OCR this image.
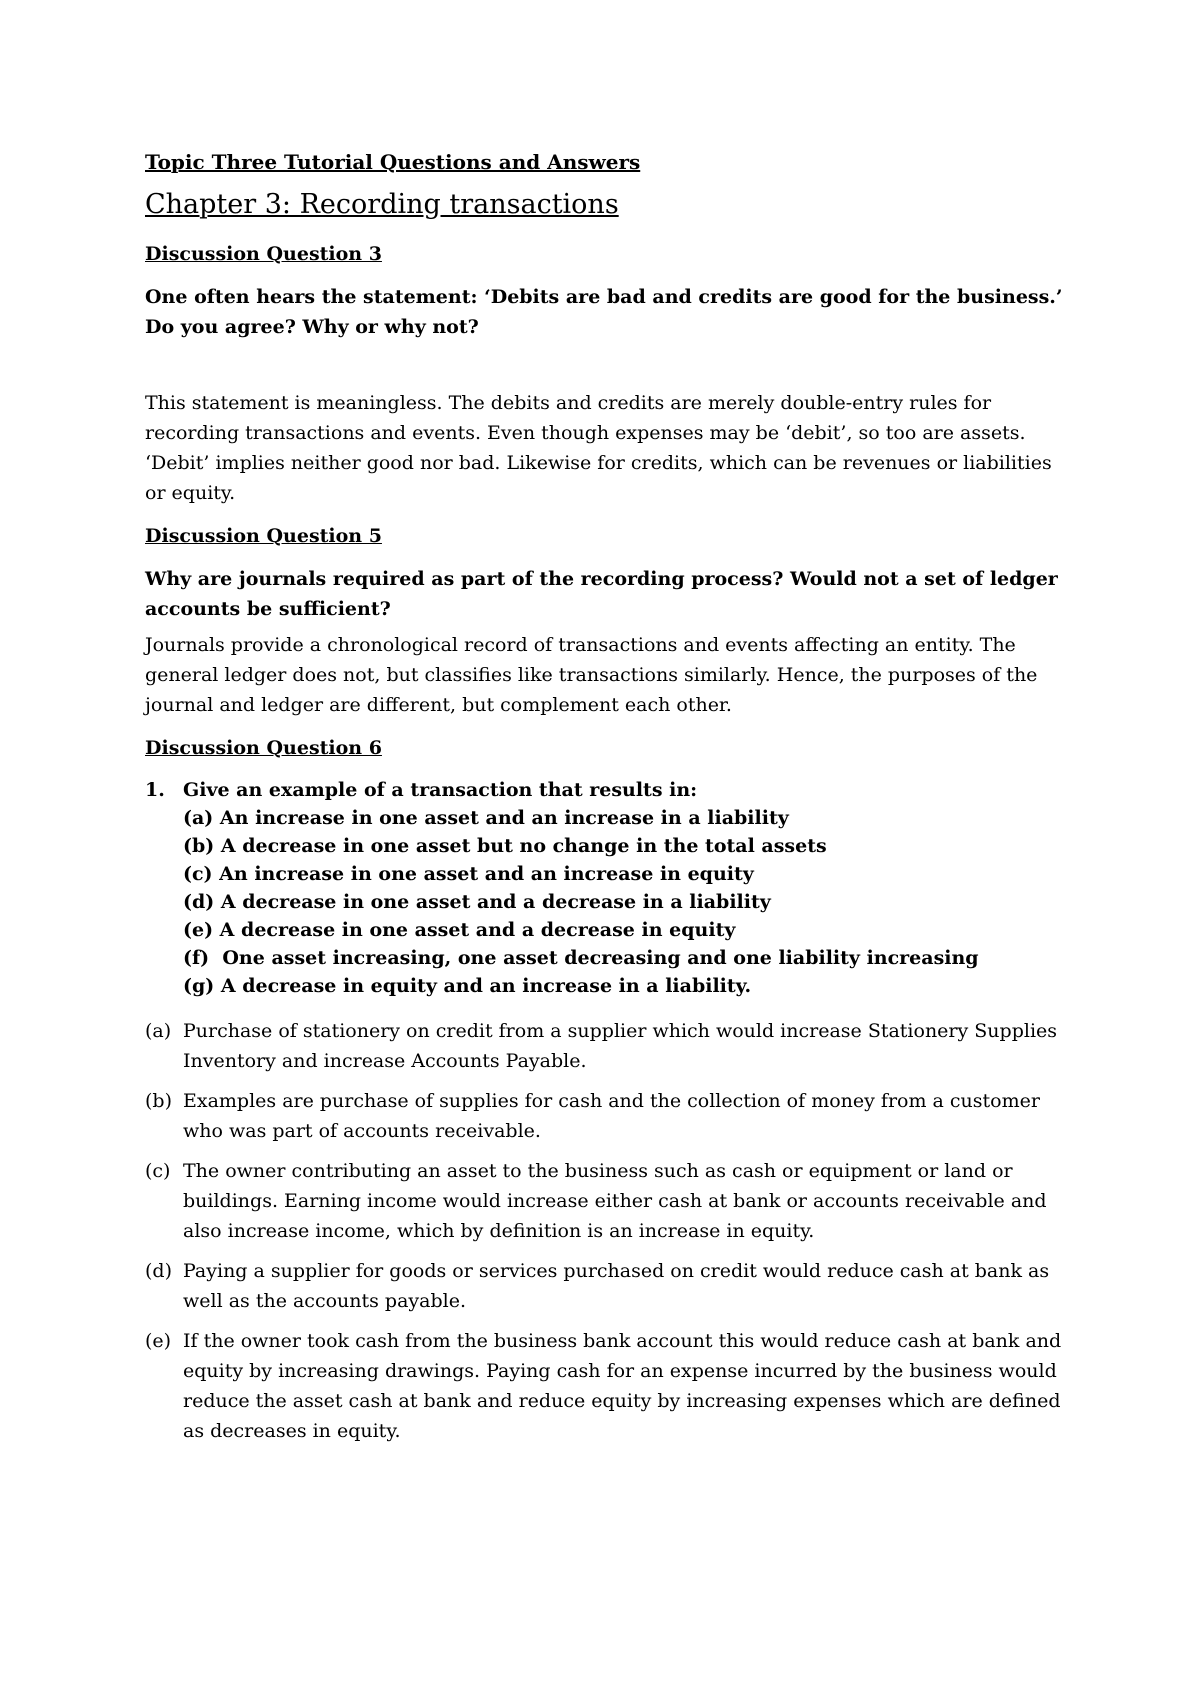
Topic Three Tutorial Questions and Answers
Chapter 3: Recording transactions

Discussion Question 3

One often hears the statement: ‘Debits are bad and credits are good for the business.’ Do you agree? Why or why not?

This statement is meaningless. The debits and credits are merely double-entry rules for recording transactions and events. Even though expenses may be ‘debit’, so too are assets. ‘Debit’ implies neither good nor bad. Likewise for credits, which can be revenues or liabilities or equity.

Discussion Question 5

Why are journals required as part of the recording process? Would not a set of ledger accounts be sufficient?

Journals provide a chronological record of transactions and events affecting an entity. The general ledger does not, but classifies like transactions similarly. Hence, the purposes of the journal and ledger are different, but complement each other.

Discussion Question 6

1. Give an example of a transaction that results in:
(a) An increase in one asset and an increase in a liability
(b) A decrease in one asset but no change in the total assets
(c) An increase in one asset and an increase in equity
(d) A decrease in one asset and a decrease in a liability
(e) A decrease in one asset and a decrease in equity
(f)  One asset increasing, one asset decreasing and one liability increasing
(g) A decrease in equity and an increase in a liability.
(a) Purchase of stationery on credit from a supplier which would increase Stationery Supplies Inventory and increase Accounts Payable.
(b) Examples are purchase of supplies for cash and the collection of money from a customer who was part of accounts receivable.
(c) The owner contributing an asset to the business such as cash or equipment or land or buildings. Earning income would increase either cash at bank or accounts receivable and also increase income, which by definition is an increase in equity.
(d) Paying a supplier for goods or services purchased on credit would reduce cash at bank as well as the accounts payable.
(e) If the owner took cash from the business bank account this would reduce cash at bank and equity by increasing drawings. Paying cash for an expense incurred by the business would reduce the asset cash at bank and reduce equity by increasing expenses which are defined as decreases in equity.
